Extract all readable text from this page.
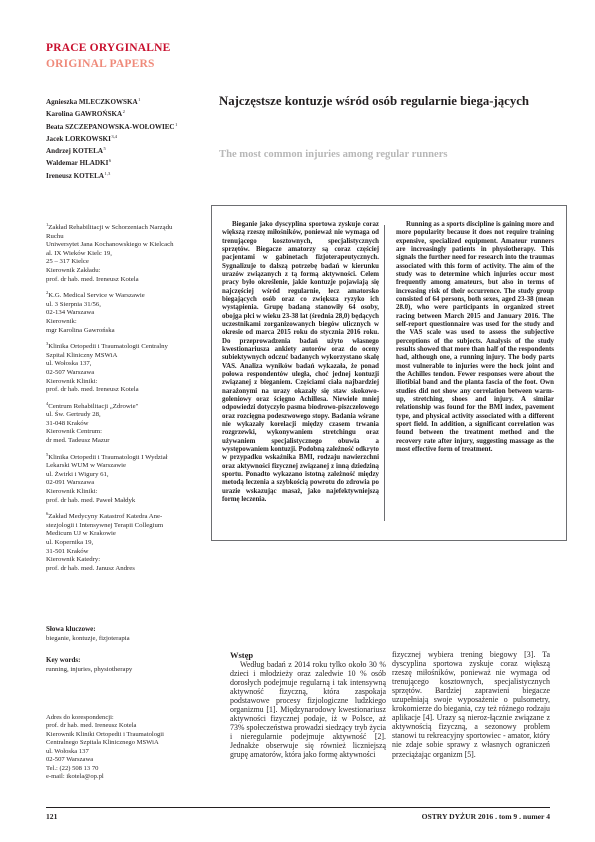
PRACE ORYGINALNE
ORIGINAL PAPERS
Agnieszka MLECZKOWSKA$^1$
Karolina GAWROŃSKA$^2$
Beata SZCZEPANOWSKA-WOŁOWIEC$^1$
Jacek LORKOWSKI$^{3,4}$
Andrzej KOTELA$^5$
Waldemar HLADKI$^6$
Ireneusz KOTELA$^{1,3}$
Najczęstsze kontuzje wśród osób regularnie biega-jących
The most common injuries among regular runners
$^1$Zakład Rehabilitacji w Schorzeniach Narządu
Ruchu
Uniwersytet Jana Kochanowskiego w Kielcach
al. IX Wieków Kielc 19,
25 – 317 Kielce
Kierownik Zakładu:
prof. dr hab. med. Ireneusz Kotela
$^2$K.G. Medical Service w Warszawie
ul. 3 Sierpnia 31/56,
02-134 Warszawa
Kierownik:
mgr Karolina Gawrońska
$^3$Klinika Ortopedii i Traumatologii Centralny
Szpital Kliniczny MSWiA
ul. Wołoska 137,
02-507 Warszawa
Kierownik Kliniki:
prof. dr hab. med. Ireneusz Kotela
$^4$Centrum Rehabilitacji „Zdrowie"
ul. Św. Gertrudy 28,
31-048 Kraków
Kierownik Centrum:
dr med. Tadeusz Mazur
$^5$Klinika Ortopedii i Traumatologii I Wydział
Lekarski WUM w Warszawie
ul. Żwirki i Wigury 61,
02-091 Warszawa
Kierownik Kliniki:
prof. dr hab. med. Paweł Małdyk
$^6$Zakład Medycyny Katastrof Katedra Ane-
stezjologii i Intensywnej Terapii Collegium
Medicum UJ w Krakowie
ul. Kopernika 19,
31-501 Kraków
Kierownik Katedry:
prof. dr hab. med. Janusz Andres
Słowa kluczowe:
bieganie, kontuzje, fizjoterapia
Key words:
running, injuries, physiotherapy
Adres do korespondencji:
prof. dr hab. med. Ireneusz Kotela
Kierownik Kliniki Ortopedii i Traumatologii
Centralnego Szpitala Klinicznego MSWiA
ul. Wołoska 137
02-507 Warszawa
Tel.: (22) 508 13 70
e-mail: ikotela@op.pl

Bieganie jako dyscyplina sportowa zyskuje coraz większą rzeszę miłośników, ponieważ nie wymaga od trenującego kosztownych, specjalistycznych sprzętów. Biegacze amatorzy są coraz częściej pacjentami w gabinetach fizjoterapeutycznych. Sygnalizuje to dalszą potrzebę badań w kierunku urazów związanych z tą formą aktywności. Celem pracy było określenie, jakie kontuzje pojawiają się najczęściej wśród regularnie, lecz amatorsko biegających osób oraz co zwiększa ryzyko ich wystąpienia. Grupę badaną stanowiły 64 osoby, obojga płci w wieku 23-38 lat (średnia 28,0) będących uczestnikami zorganizowanych biegów ulicznych w okresie od marca 2015 roku do stycznia 2016 roku. Do przeprowadzenia badań użyto własnego kwestionariusza ankiety autorów oraz do oceny subiektywnych odczuć badanych wykorzystano skalę VAS. Analiza wyników badań wykazała, że ponad połowa respondentów uległa, choć jednej kontuzji związanej z bieganiem. Częściami ciała najbardziej narażonymi na urazy okazały się staw skokowo-goleniowy oraz ścięgno Achillesa. Niewiele mniej odpowiedzi dotyczyło pasma biodrowo-piszczelowego oraz rozcięgna podeszwowego stopy. Badania wśrane nie wykazały korelacji między czasem trwania rozgrzewki, wykonywaniem stretchingu oraz używaniem specjalistycznego obuwia a występowaniem kontuzji. Podobną zależność odkryto w przypadku wskaźnika BMI, rodzaju nawierzchni oraz aktywności fizycznej związanej z inną dziedziną sportu. Ponadto wykazano istotną zależność między metodą leczenia a szybkością powrotu do zdrowia po urazie wskazując masaż, jako najefektywniejszą formę leczenia.

Running as a sports discipline is gaining more and more popularity because it does not require training expensive, specialized equipment. Amateur runners are increasingly patients in physiotherapy. This signals the further need for research into the traumas associated with this form of activity. The aim of the study was to determine which injuries occur most frequently among amateurs, but also in terms of increasing risk of their occurrence. The study group consisted of 64 persons, both sexes, aged 23-38 (mean 28.0), who were participants in organized street racing between March 2015 and January 2016. The self-report questionnaire was used for the study and the VAS scale was used to assess the subjective perceptions of the subjects. Analysis of the study results showed that more than half of the respondents had, although one, a running injury. The body parts most vulnerable to injuries were the hock joint and the Achilles tendon. Fewer responses were about the iliotibial band and the planta fascia of the foot. Own studies did not show any correlation between warm-up, stretching, shoes and injury. A similar relationship was found for the BMI index, pavement type, and physical activity associated with a different sport field. In addition, a significant correlation was found between the treatment method and the recovery rate after injury, suggesting massage as the most effective form of treatment.

Wstęp

Według badań z 2014 roku tylko około 30 % dzieci i młodzieży oraz zaledwie 10 % osób dorosłych podejmuje regularną i tak intensywną aktywność fizyczną, która zaspokaja podstawowe procesy fizjologiczne ludzkiego organizmu [1]. Międzynarodowy kwestionariusz aktywności fizycznej podaje, iż w Polsce, aż 73% społeczeństwa prowadzi siedzący tryb życia i nieregularnie podejmuje aktywność [2]. Jednakże obserwuje się również liczniejszą grupę amatorów, która jako formę aktywności

fizycznej wybiera trening biegowy [3]. Ta dyscyplina sportowa zyskuje coraz większą rzeszę miłośników, ponieważ nie wymaga od trenującego kosztownych, specjalistycznych sprzętów. Bardziej zaprawieni biegacze uzupełniają swoje wyposażenie o pulsometry, krokomierze do biegania, czy też różnego rodzaju aplikacje [4]. Urazy są nieroz-łącznie związane z aktywnością fizyczną, a sezonowy problem stanowi tu rekreacyjny sportowiec - amator, który nie zdaje sobie sprawy z własnych ograniczeń przeciążając organizm [5].

121	OSTRY DYŻUR 2016 . tom 9 . numer 4
